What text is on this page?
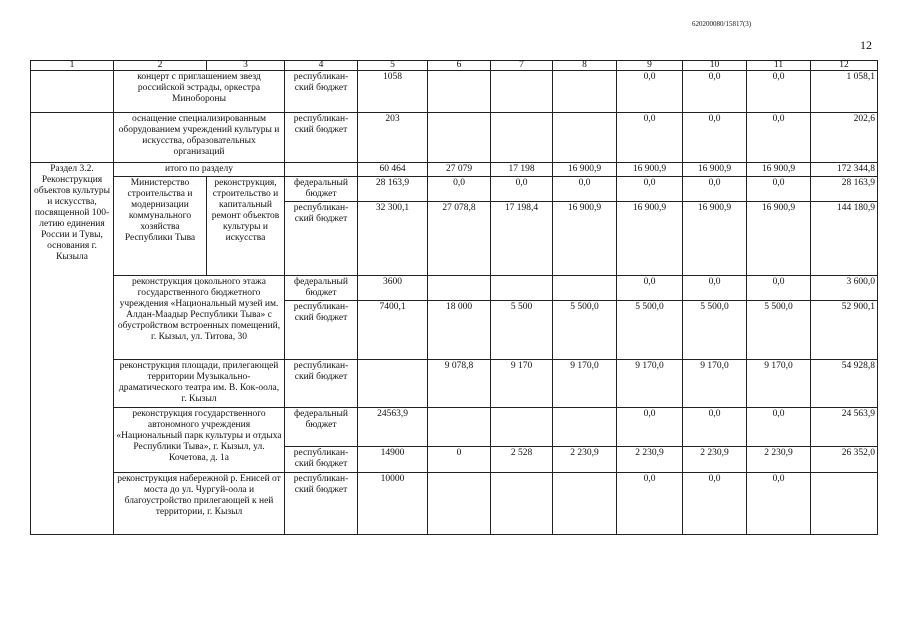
620200080/15817(3)
12
1	2	3	4	5	6	7	8	9	10	11	12
	концерт с приглашением звезд российской эстрады, оркестра Минобороны		республикан-ский бюджет	1058				0,0	0,0	0,0	1 058,1
	оснащение специализированным оборудованием учреждений культуры и искусства, образовательных организаций		республикан-ский бюджет	203				0,0	0,0	0,0	202,6
Раздел 3.2. Реконструкция объектов культуры и искусства, посвященной 100-летию единения России и Тувы, основания г. Кызыла	итого по разделу			60 464	27 079	17 198	16 900,9	16 900,9	16 900,9	16 900,9	172 344,8
	Министерство строительства и модернизации коммунального хозяйства Республики Тыва	реконструкция, строительство и капитальный ремонт объектов культуры и искусства	федеральный бюджет	28 163,9	0,0	0,0	0,0	0,0	0,0	0,0	28 163,9
			республикан-ский бюджет	32 300,1	27 078,8	17 198,4	16 900,9	16 900,9	16 900,9	16 900,9	144 180,9
	реконструкция цокольного этажа государственного бюджетного учреждения «Национальный музей им. Алдан-Маадыр Республики Тыва» с обустройством встроенных помещений, г. Кызыл, ул. Титова, 30		федеральный бюджет	3600				0,0	0,0	0,0	3 600,0
			республикан-ский бюджет	7400,1	18 000	5 500	5 500,0	5 500,0	5 500,0	5 500,0	52 900,1
	реконструкция площади, прилегающей территории Музыкально-драматического театра им. В. Кок-оола, г. Кызыл		республикан-ский бюджет		9 078,8	9 170	9 170,0	9 170,0	9 170,0	9 170,0	54 928,8
	реконструкция государственного автономного учреждения «Национальный парк культуры и отдыха Республики Тыва», г. Кызыл, ул. Кочетова, д. 1а		федеральный бюджет	24563,9				0,0	0,0	0,0	24 563,9
			республикан-ский бюджет	14900	0	2 528	2 230,9	2 230,9	2 230,9	2 230,9	26 352,0
	реконструкция набережной р. Енисей от моста до ул. Чургуй-оола и благоустройство прилегающей к ней территории, г. Кызыл		республикан-ский бюджет	10000				0,0	0,0	0,0	
